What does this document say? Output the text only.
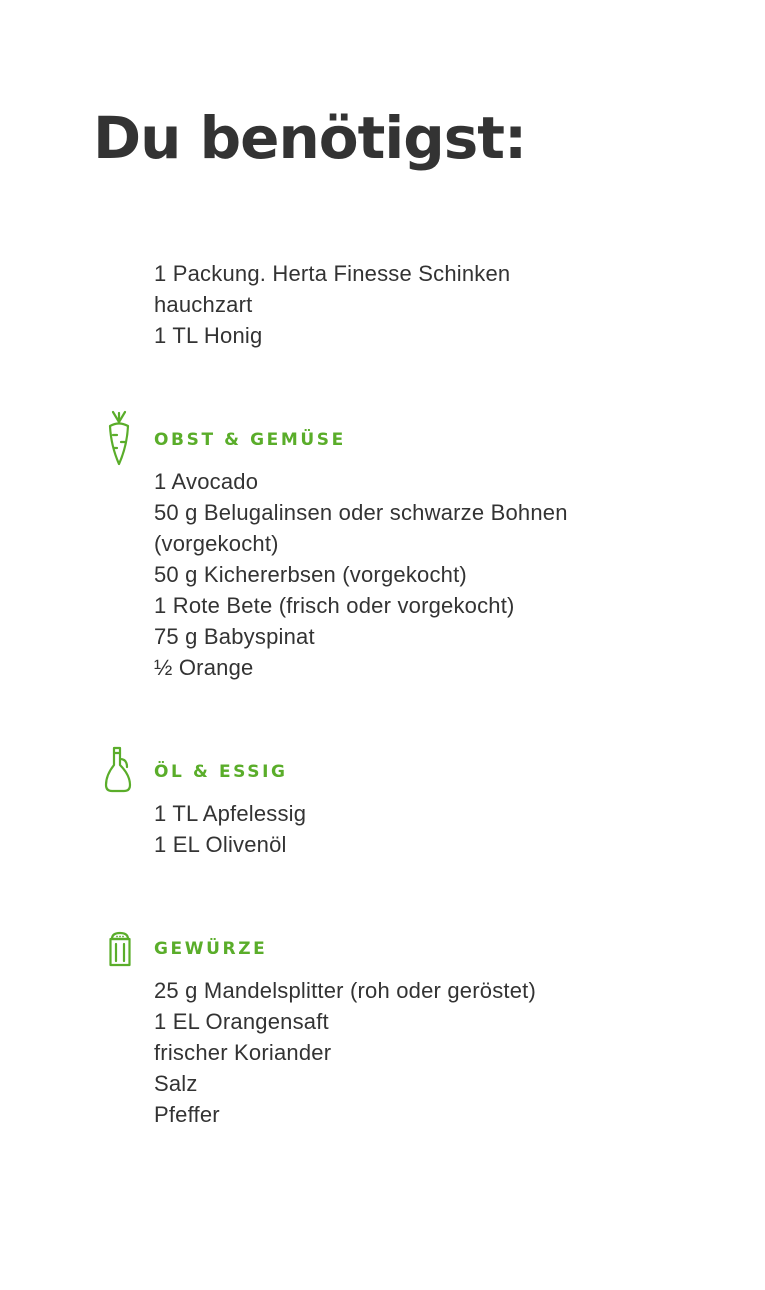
Du benötigst:
1 Packung. Herta Finesse Schinken
hauchzart
1 TL Honig
OBST & GEMÜSE
1 Avocado
50 g Belugalinsen oder schwarze Bohnen
(vorgekocht)
50 g Kichererbsen (vorgekocht)
1 Rote Bete (frisch oder vorgekocht)
75 g Babyspinat
½ Orange
ÖL & ESSIG
1 TL Apfelessig
1 EL Olivenöl
GEWÜRZE
25 g Mandelsplitter (roh oder geröstet)
1 EL Orangensaft
frischer Koriander
Salz
Pfeffer
